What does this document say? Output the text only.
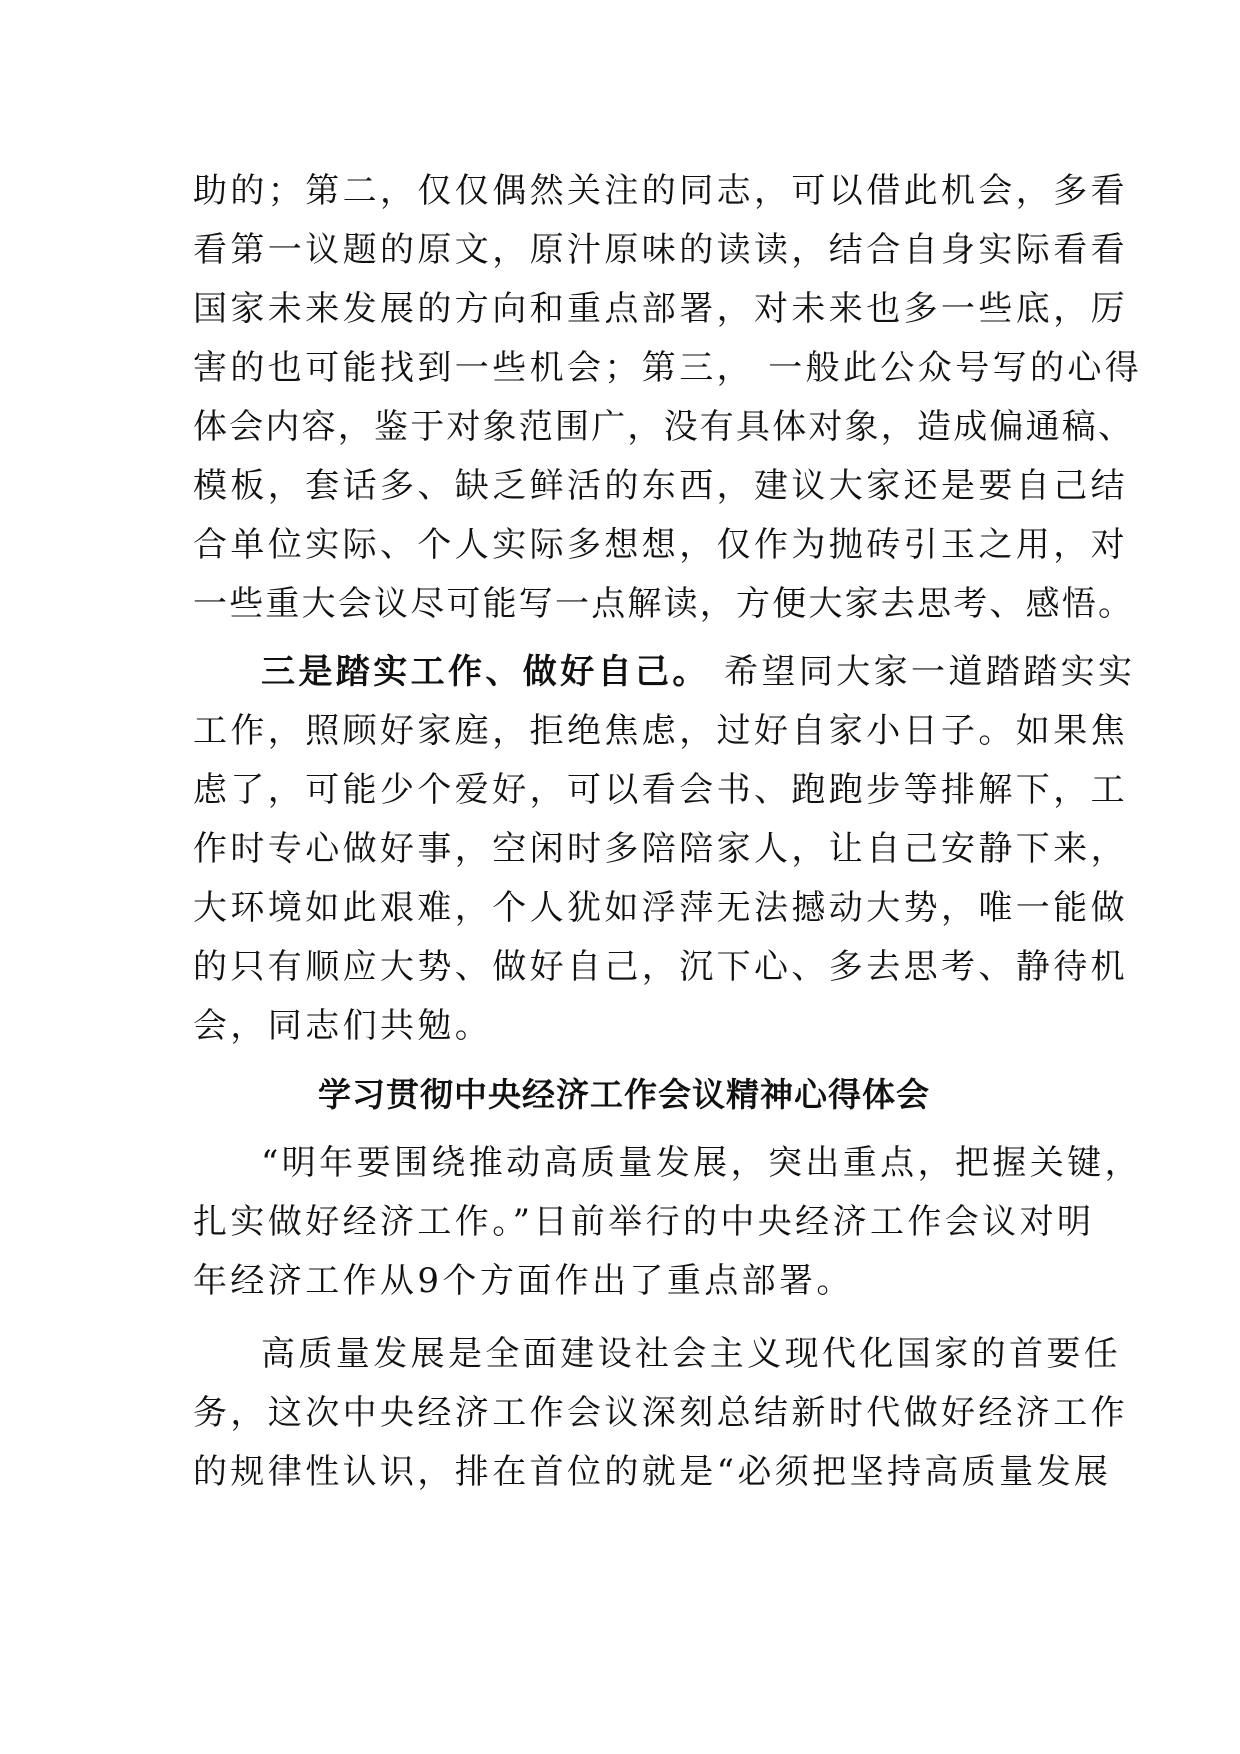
助的；第二，仅仅偶然关注的同志，可以借此机会，多看
看第一议题的原文，原汁原味的读读，结合自身实际看看
国家未来发展的方向和重点部署，对未来也多一些底，厉
害的也可能找到一些机会；第三， 一般此公众号写的心得
体会内容，鉴于对象范围广，没有具体对象，造成偏通稿、
模板，套话多、缺乏鲜活的东西，建议大家还是要自己结
合单位实际、个人实际多想想，仅作为抛砖引玉之用，对
一些重大会议尽可能写一点解读，方便大家去思考、感悟。
三是踏实工作、做好自己。 希望同大家一道踏踏实实
工作，照顾好家庭，拒绝焦虑，过好自家小日子。如果焦
虑了，可能少个爱好，可以看会书、跑跑步等排解下，工
作时专心做好事，空闲时多陪陪家人，让自己安静下来，
大环境如此艰难，个人犹如浮萍无法撼动大势，唯一能做
的只有顺应大势、做好自己，沉下心、多去思考、静待机
会，同志们共勉。
学习贯彻中央经济工作会议精神心得体会
“明年要围绕推动高质量发展，突出重点，把握关键，
扎实做好经济工作。”日前举行的中央经济工作会议对明
年经济工作从9个方面作出了重点部署。
高质量发展是全面建设社会主义现代化国家的首要任
务，这次中央经济工作会议深刻总结新时代做好经济工作
的规律性认识，排在首位的就是“必须把坚持高质量发展
